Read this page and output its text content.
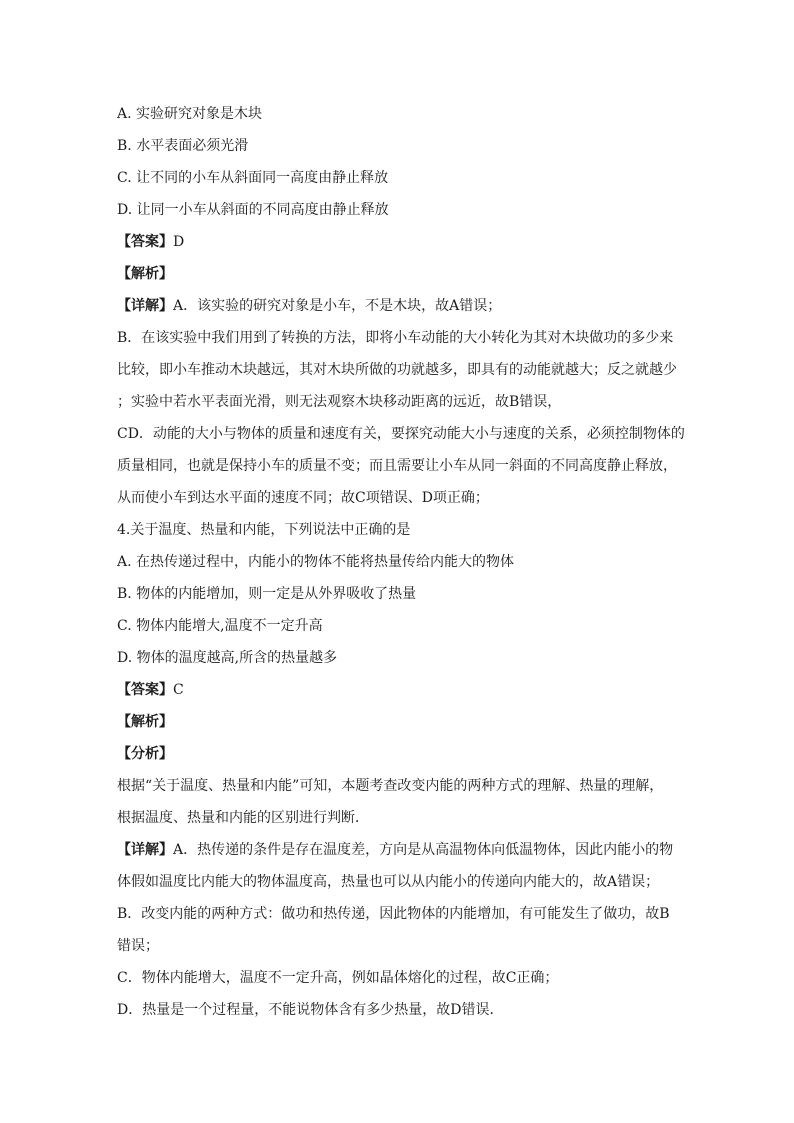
A. 实验研究对象是木块
B. 水平表面必须光滑
C. 让不同的小车从斜面同一高度由静止释放
D. 让同一小车从斜面的不同高度由静止释放
【答案】D
【解析】
【详解】A．该实验的研究对象是小车，不是木块，故A错误；
B．在该实验中我们用到了转换的方法，即将小车动能的大小转化为其对木块做功的多少来
比较，即小车推动木块越远，其对木块所做的功就越多，即具有的动能就越大；反之就越少
；实验中若水平表面光滑，则无法观察木块移动距离的远近，故B错误，
CD．动能的大小与物体的质量和速度有关，要探究动能大小与速度的关系，必须控制物体的
质量相同，也就是保持小车的质量不变；而且需要让小车从同一斜面的不同高度静止释放，
从而使小车到达水平面的速度不同；故C项错误、D项正确；
4.关于温度、热量和内能，下列说法中正确的是
A. 在热传递过程中，内能小的物体不能将热量传给内能大的物体
B. 物体的内能增加，则一定是从外界吸收了热量
C. 物体内能增大,温度不一定升高
D. 物体的温度越高,所含的热量越多
【答案】C
【解析】
【分析】
根据“关于温度、热量和内能”可知，本题考查改变内能的两种方式的理解、热量的理解，
根据温度、热量和内能的区别进行判断．
【详解】A．热传递的条件是存在温度差，方向是从高温物体向低温物体，因此内能小的物
体假如温度比内能大的物体温度高，热量也可以从内能小的传递向内能大的，故A错误；
B．改变内能的两种方式：做功和热传递，因此物体的内能增加，有可能发生了做功，故B
错误；
C．物体内能增大，温度不一定升高，例如晶体熔化的过程，故C正确；
D．热量是一个过程量，不能说物体含有多少热量，故D错误．
